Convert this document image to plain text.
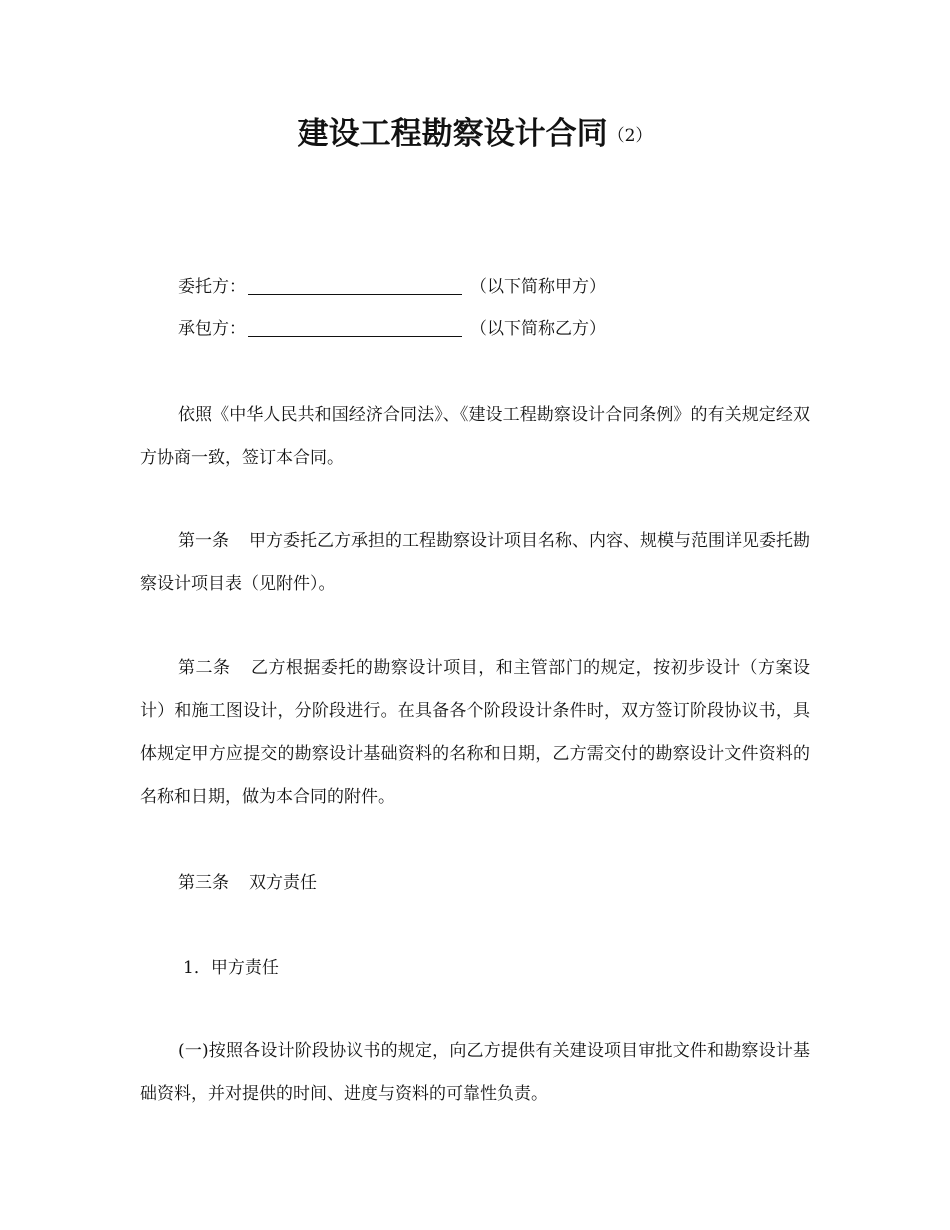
建设工程勘察设计合同（2）
委托方：	（以下简称甲方）
承包方：	（以下简称乙方）

依照《中华人民共和国经济合同法》、《建设工程勘察设计合同条例》的有关规定经双方协商一致，签订本合同。

第一条 甲方委托乙方承担的工程勘察设计项目名称、内容、规模与范围详见委托勘察设计项目表（见附件）。

第二条 乙方根据委托的勘察设计项目，和主管部门的规定，按初步设计（方案设计）和施工图设计，分阶段进行。在具备各个阶段设计条件时，双方签订阶段协议书，具体规定甲方应提交的勘察设计基础资料的名称和日期，乙方需交付的勘察设计文件资料的名称和日期，做为本合同的附件。

第三条 双方责任
1．甲方责任

(一)按照各设计阶段协议书的规定，向乙方提供有关建设项目审批文件和勘察设计基础资料，并对提供的时间、进度与资料的可靠性负责。
